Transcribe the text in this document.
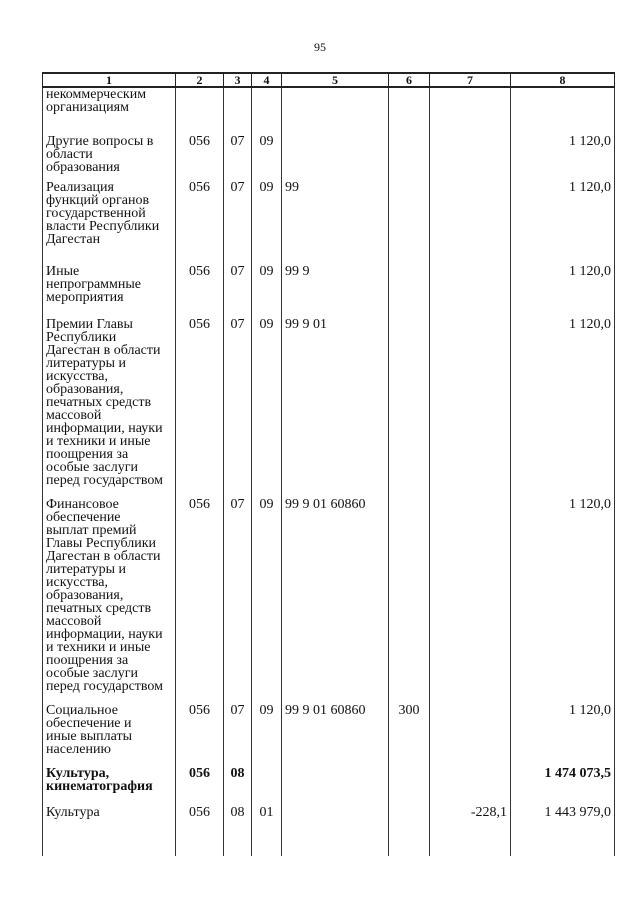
95
1	2	3	4	5	6	7	8

некоммерческим организациям							

Другие вопросы в области образования	056	07	09				1 120,0

Реализация функций органов государственной власти Республики Дагестан	056	07	09	99			1 120,0

Иные непрограммные мероприятия	056	07	09	99 9			1 120,0

Премии Главы Республики Дагестан в области литературы и искусства, образования, печатных средств массовой информации, науки и техники и иные поощрения за особые заслуги перед государством	056	07	09	99 9 01			1 120,0

Финансовое обеспечение выплат премий Главы Республики Дагестан в области литературы и искусства, образования, печатных средств массовой информации, науки и техники и иные поощрения за особые заслуги перед государством	056	07	09	99 9 01 60860			1 120,0

Социальное обеспечение и иные выплаты населению	056	07	09	99 9 01 60860	300		1 120,0

Культура, кинематография	056	08					1 474 073,5

Культура	056	08	01			-228,1	1 443 979,0
